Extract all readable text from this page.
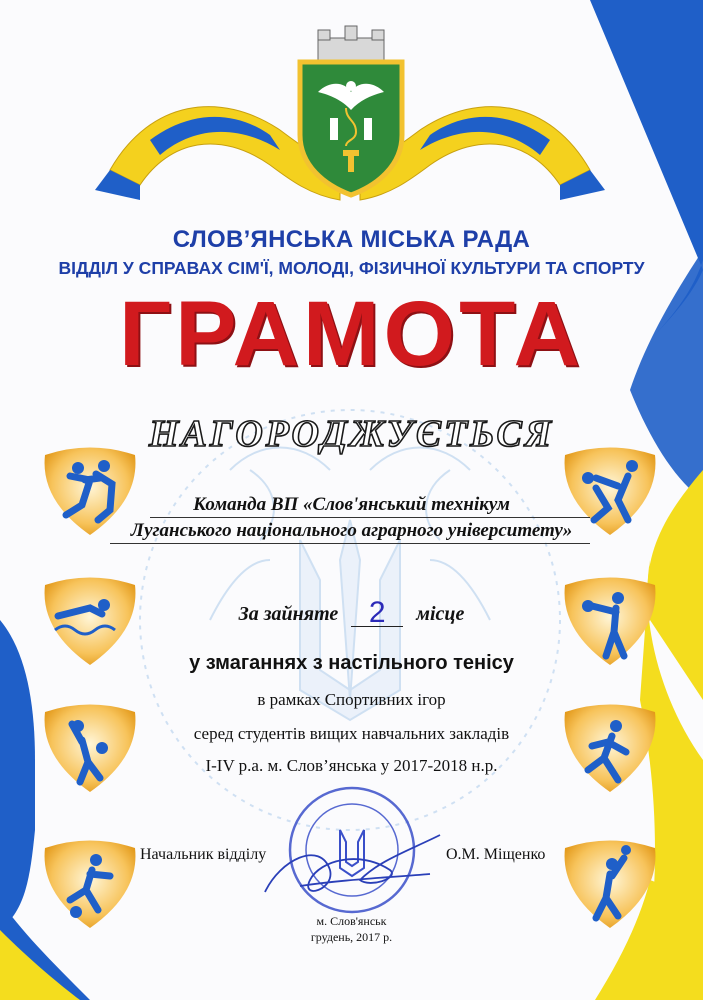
СЛОВ’ЯНСЬКА МІСЬКА РАДА
ВІДДІЛ У СПРАВАХ СІМ'Ї, МОЛОДІ, ФІЗИЧНОЇ КУЛЬТУРИ ТА СПОРТУ
ГРАМОТА
НАГОРОДЖУЄТЬСЯ
Команда ВП «Слов'янський технікум
Луганського національного аграрного університету»
За зайняте 2 місце
у змаганнях з настільного тенісу
в рамках Спортивних ігор
серед студентів вищих навчальних закладів
І-ІV р.а. м. Слов’янська у 2017-2018 н.р.
Начальник відділу	О.М. Міщенко
м. Слов'янськ
грудень, 2017 р.
